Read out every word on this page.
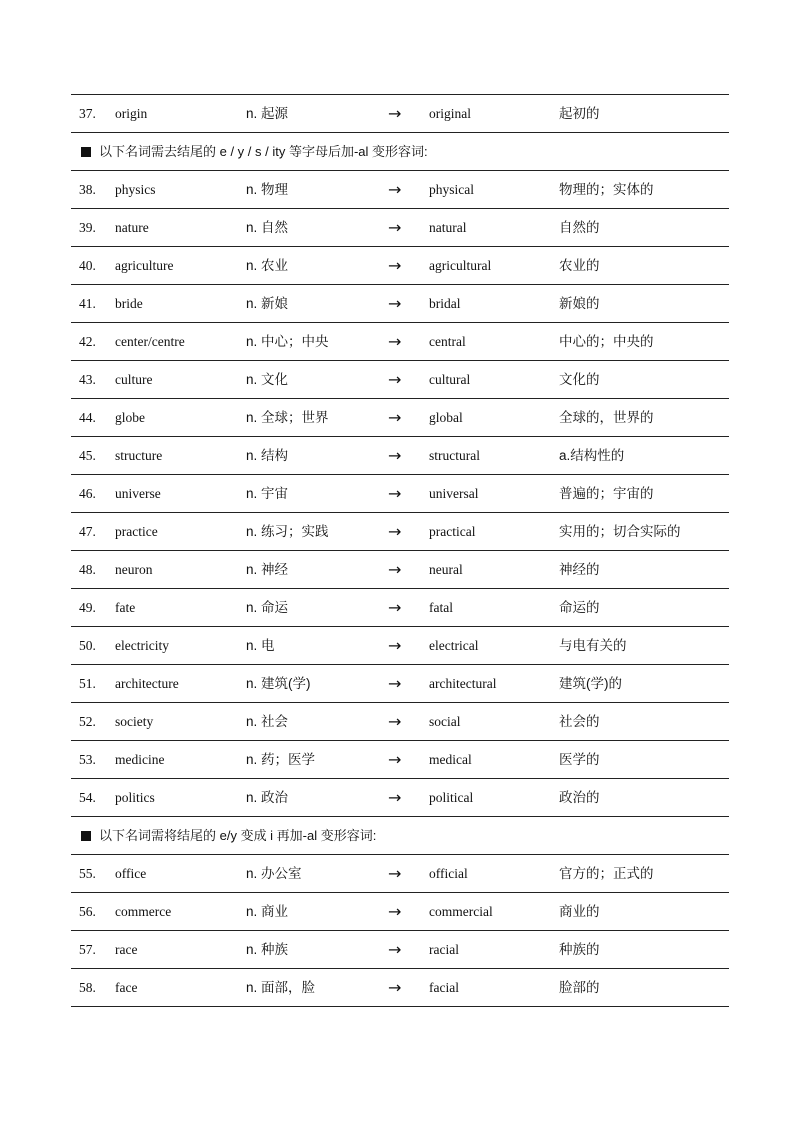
37. origin	n. 起源	→ original	起初的
以下名词需去结尾的 e / y / s / ity 等字母后加-al 变形容词:
38. physics	n. 物理	→ physical	物理的；实体的
39. nature	n. 自然	→ natural	自然的
40. agriculture	n. 农业	→ agricultural	农业的
41. bride	n. 新娘	→ bridal	新娘的
42. center/centre	n. 中心；中央	→ central	中心的；中央的
43. culture	n. 文化	→ cultural	文化的
44. globe	n. 全球；世界	→ global	全球的，世界的
45. structure	n. 结构	→ structural	a.结构性的
46. universe	n. 宇宙	→ universal	普遍的；宇宙的
47. practice	n. 练习；实践	→ practical	实用的；切合实际的
48. neuron	n. 神经	→ neural	神经的
49. fate	n. 命运	→ fatal	命运的
50. electricity	n. 电	→ electrical	与电有关的
51. architecture	n. 建筑(学)	→ architectural	建筑(学)的
52. society	n. 社会	→ social	社会的
53. medicine	n. 药；医学	→ medical	医学的
54. politics	n. 政治	→ political	政治的
以下名词需将结尾的 e/y 变成 i 再加-al 变形容词:
55. office	n. 办公室	→ official	官方的；正式的
56. commerce	n. 商业	→ commercial	商业的
57. race	n. 种族	→ racial	种族的
58. face	n. 面部，脸	→ facial	脸部的
